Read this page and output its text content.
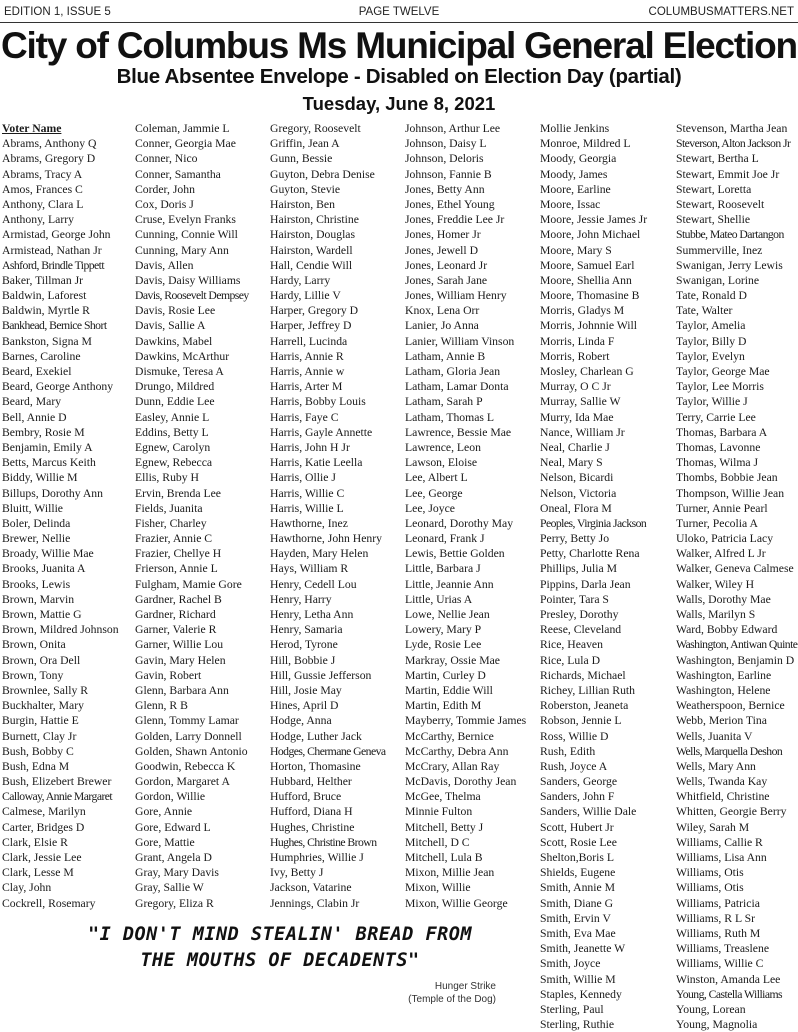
EDITION 1, ISSUE 5	PAGE TWELVE	COLUMBUSMATTERS.NET
City of Columbus Ms Municipal General Election
Blue Absentee Envelope - Disabled on Election Day (partial)
Tuesday, June 8, 2021
Voter Name
Abrams, Anthony Q
Abrams, Gregory D
Abrams, Tracy A
Amos, Frances C
Anthony, Clara L
Anthony, Larry
Armistad, George John
Armistead, Nathan Jr
Ashford, Brindle Tippett
Baker, Tillman Jr
Baldwin, Laforest
Baldwin, Myrtle R
Bankhead, Bernice Short
Bankston, Signa M
Barnes, Caroline
Beard, Exekiel
Beard, George Anthony
Beard, Mary
Bell, Annie D
Bembry, Rosie M
Benjamin, Emily A
Betts, Marcus Keith
Biddy, Willie M
Billups, Dorothy Ann
Bluitt, Willie
Boler, Delinda
Brewer, Nellie
Broady, Willie Mae
Brooks, Juanita A
Brooks, Lewis
Brown, Marvin
Brown, Mattie G
Brown, Mildred Johnson
Brown, Onita
Brown, Ora Dell
Brown, Tony
Brownlee, Sally R
Buckhalter, Mary
Burgin, Hattie E
Burnett, Clay Jr
Bush, Bobby C
Bush, Edna M
Bush, Elizebert Brewer
Calloway, Annie Margaret
Calmese, Marilyn
Carter, Bridges D
Clark, Elsie R
Clark, Jessie Lee
Clark, Lesse M
Clay, John
Cockrell, Rosemary
Coleman, Jammie L
Conner, Georgia Mae
Conner, Nico
Conner, Samantha
Corder, John
Cox, Doris J
Cruse, Evelyn Franks
Cunning, Connie Will
Cunning, Mary Ann
Davis, Allen
Davis, Daisy Williams
Davis, Roosevelt Dempsey
Davis, Rosie Lee
Davis, Sallie A
Dawkins, Mabel
Dawkins, McArthur
Dismuke, Teresa A
Drungo, Mildred
Dunn, Eddie Lee
Easley, Annie L
Eddins, Betty L
Egnew, Carolyn
Egnew, Rebecca
Ellis, Ruby H
Ervin, Brenda Lee
Fields, Juanita
Fisher, Charley
Frazier, Annie C
Frazier, Chellye H
Frierson, Annie L
Fulgham, Mamie Gore
Gardner, Rachel B
Gardner, Richard
Garner, Valerie R
Garner, Willie Lou
Gavin, Mary Helen
Gavin, Robert
Glenn, Barbara Ann
Glenn, R B
Glenn, Tommy Lamar
Golden, Larry Donnell
Golden, Shawn Antonio
Goodwin, Rebecca K
Gordon, Margaret A
Gordon, Willie
Gore, Annie
Gore, Edward L
Gore, Mattie
Grant, Angela D
Gray, Mary Davis
Gray, Sallie W
Gregory, Eliza R
Gregory, Roosevelt
Griffin, Jean A
Gunn, Bessie
Guyton, Debra Denise
Guyton, Stevie
Hairston, Ben
Hairston, Christine
Hairston, Douglas
Hairston, Wardell
Hall, Cendie Will
Hardy, Larry
Hardy, Lillie V
Harper, Gregory D
Harper, Jeffrey D
Harrell, Lucinda
Harris, Annie R
Harris, Annie w
Harris, Arter M
Harris, Bobby Louis
Harris, Faye C
Harris, Gayle Annette
Harris, John H Jr
Harris, Katie Leella
Harris, Ollie J
Harris, Willie C
Harris, Willie L
Hawthorne, Inez
Hawthorne, John Henry
Hayden, Mary Helen
Hays, William R
Henry, Cedell Lou
Henry, Harry
Henry, Letha Ann
Henry, Samaria
Herod, Tyrone
Hill, Bobbie J
Hill, Gussie Jefferson
Hill, Josie May
Hines, April D
Hodge, Anna
Hodge, Luther Jack
Hodges, Chermane Geneva
Horton, Thomasine
Hubbard, Helther
Hufford, Bruce
Hufford, Diana H
Hughes, Christine
Hughes, Christine Brown
Humphries, Willie J
Ivy, Betty J
Jackson, Vatarine
Jennings, Clabin Jr
Johnson, Arthur Lee
Johnson, Daisy L
Johnson, Deloris
Johnson, Fannie B
Jones, Betty Ann
Jones, Ethel Young
Jones, Freddie Lee Jr
Jones, Homer Jr
Jones, Jewell D
Jones, Leonard Jr
Jones, Sarah Jane
Jones, William Henry
Knox, Lena Orr
Lanier, Jo Anna
Lanier, William Vinson
Latham, Annie B
Latham, Gloria Jean
Latham, Lamar Donta
Latham, Sarah P
Latham, Thomas L
Lawrence, Bessie Mae
Lawrence, Leon
Lawson, Eloise
Lee, Albert L
Lee, George
Lee, Joyce
Leonard, Dorothy May
Leonard, Frank J
Lewis, Bettie Golden
Little, Barbara J
Little, Jeannie Ann
Little, Urias A
Lowe, Nellie Jean
Lowery, Mary P
Lyde, Rosie Lee
Markray, Ossie Mae
Martin, Curley D
Martin, Eddie Will
Martin, Edith M
Mayberry, Tommie James
McCarthy, Bernice
McCarthy, Debra Ann
McCrary, Allan Ray
McDavis, Dorothy Jean
McGee, Thelma
Minnie Fulton
Mitchell, Betty J
Mitchell, D C
Mitchell, Lula B
Mixon, Millie Jean
Mixon, Willie
Mixon, Willie George
Mollie Jenkins
Monroe, Mildred L
Moody, Georgia
Moody, James
Moore, Earline
Moore, Issac
Moore, Jessie James Jr
Moore, John Michael
Moore, Mary S
Moore, Samuel Earl
Moore, Shellia Ann
Moore, Thomasine B
Morris, Gladys M
Morris, Johnnie Will
Morris, Linda F
Morris, Robert
Mosley, Charlean G
Murray, O C Jr
Murray, Sallie W
Murry, Ida Mae
Nance, William Jr
Neal, Charlie J
Neal, Mary S
Nelson, Bicardi
Nelson, Victoria
Oneal, Flora M
Peoples, Virginia Jackson
Perry, Betty Jo
Petty, Charlotte Rena
Phillips, Julia M
Pippins, Darla Jean
Pointer, Tara S
Presley, Dorothy
Reese, Cleveland
Rice, Heaven
Rice, Lula D
Richards, Michael
Richey, Lillian Ruth
Roberston, Jeaneta
Robson, Jennie L
Ross, Willie D
Rush, Edith
Rush, Joyce A
Sanders, George
Sanders, John F
Sanders, Willie Dale
Scott, Hubert Jr
Scott, Rosie Lee
Shelton,Boris L
Shields, Eugene
Smith, Annie M
Smith, Diane G
Smith, Ervin V
Smith, Eva Mae
Smith, Jeanette W
Smith, Joyce
Smith, Willie M
Staples, Kennedy
Sterling, Paul
Sterling, Ruthie
Stevenson, Martha Jean
Steverson, Alton Jackson Jr
Stewart, Bertha L
Stewart, Emmit Joe Jr
Stewart, Loretta
Stewart, Roosevelt
Stewart, Shellie
Stubbe, Mateo Dartangon
Summerville, Inez
Swanigan, Jerry Lewis
Swanigan, Lorine
Tate, Ronald D
Tate, Walter
Taylor, Amelia
Taylor, Billy D
Taylor, Evelyn
Taylor, George Mae
Taylor, Lee Morris
Taylor, Willie J
Terry, Carrie Lee
Thomas, Barbara A
Thomas, Lavonne
Thomas, Wilma J
Thombs, Bobbie Jean
Thompson, Willie Jean
Turner, Annie Pearl
Turner, Pecolia A
Uloko, Patricia Lacy
Walker, Alfred L Jr
Walker, Geneva Calmese
Walker, Wiley H
Walls, Dorothy Mae
Walls, Marilyn S
Ward, Bobby Edward
Washington, Antiwan Quinte
Washington, Benjamin D
Washington, Earline
Washington, Helene
Weatherspoon, Bernice
Webb, Merion Tina
Wells, Juanita V
Wells, Marquella Deshon
Wells, Mary Ann
Wells, Twanda Kay
Whitfield, Christine
Whitten, Georgie Berry
Wiley, Sarah M
Williams, Callie R
Williams, Lisa Ann
Williams, Otis
Williams, Otis
Williams, Patricia
Williams, R L Sr
Williams, Ruth M
Williams, Treaslene
Williams, Willie C
Winston, Amanda Lee
Young, Castella Williams
Young, Lorean
Young, Magnolia
"I DON'T MIND STEALIN' BREAD FROM
THE MOUTHS OF DECADENTS"
Hunger Strike
(Temple of the Dog)
